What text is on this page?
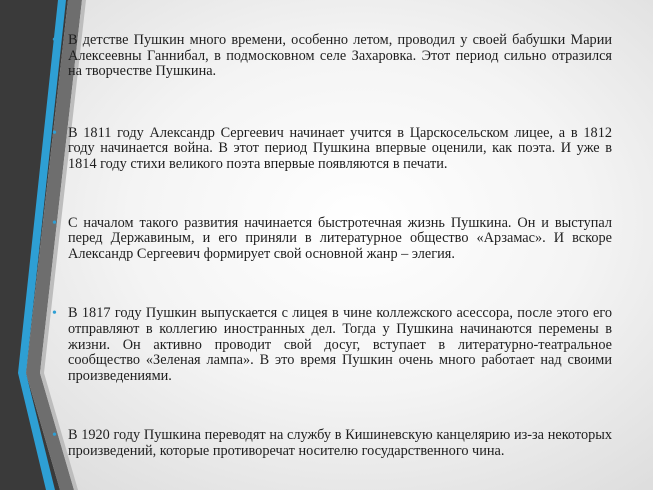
• В детстве Пушкин много времени, особенно летом, проводил у своей бабушки Марии Алексеевны Ганнибал, в подмосковном селе Захаровка. Этот период сильно отразился на творчестве Пушкина.
• В 1811 году Александр Сергеевич начинает учится в Царскосельском лицее, а в 1812 году начинается война. В этот период Пушкина впервые оценили, как поэта. И уже в 1814 году стихи великого поэта впервые появляются в печати.
• С началом такого развития начинается быстротечная жизнь Пушкина. Он и выступал перед Державиным, и его приняли в литературное общество «Арзамас». И вскоре Александр Сергеевич формирует свой основной жанр – элегия.
• В 1817 году Пушкин выпускается с лицея в чине коллежского асессора, после этого его отправляют в коллегию иностранных дел. Тогда у Пушкина начинаются перемены в жизни. Он активно проводит свой досуг, вступает в литературно-театральное сообщество «Зеленая лампа». В это время Пушкин очень много работает над своими произведениями.
• В 1920 году Пушкина переводят на службу в Кишиневскую канцелярию из-за некоторых произведений, которые противоречат носителю государственного чина.
